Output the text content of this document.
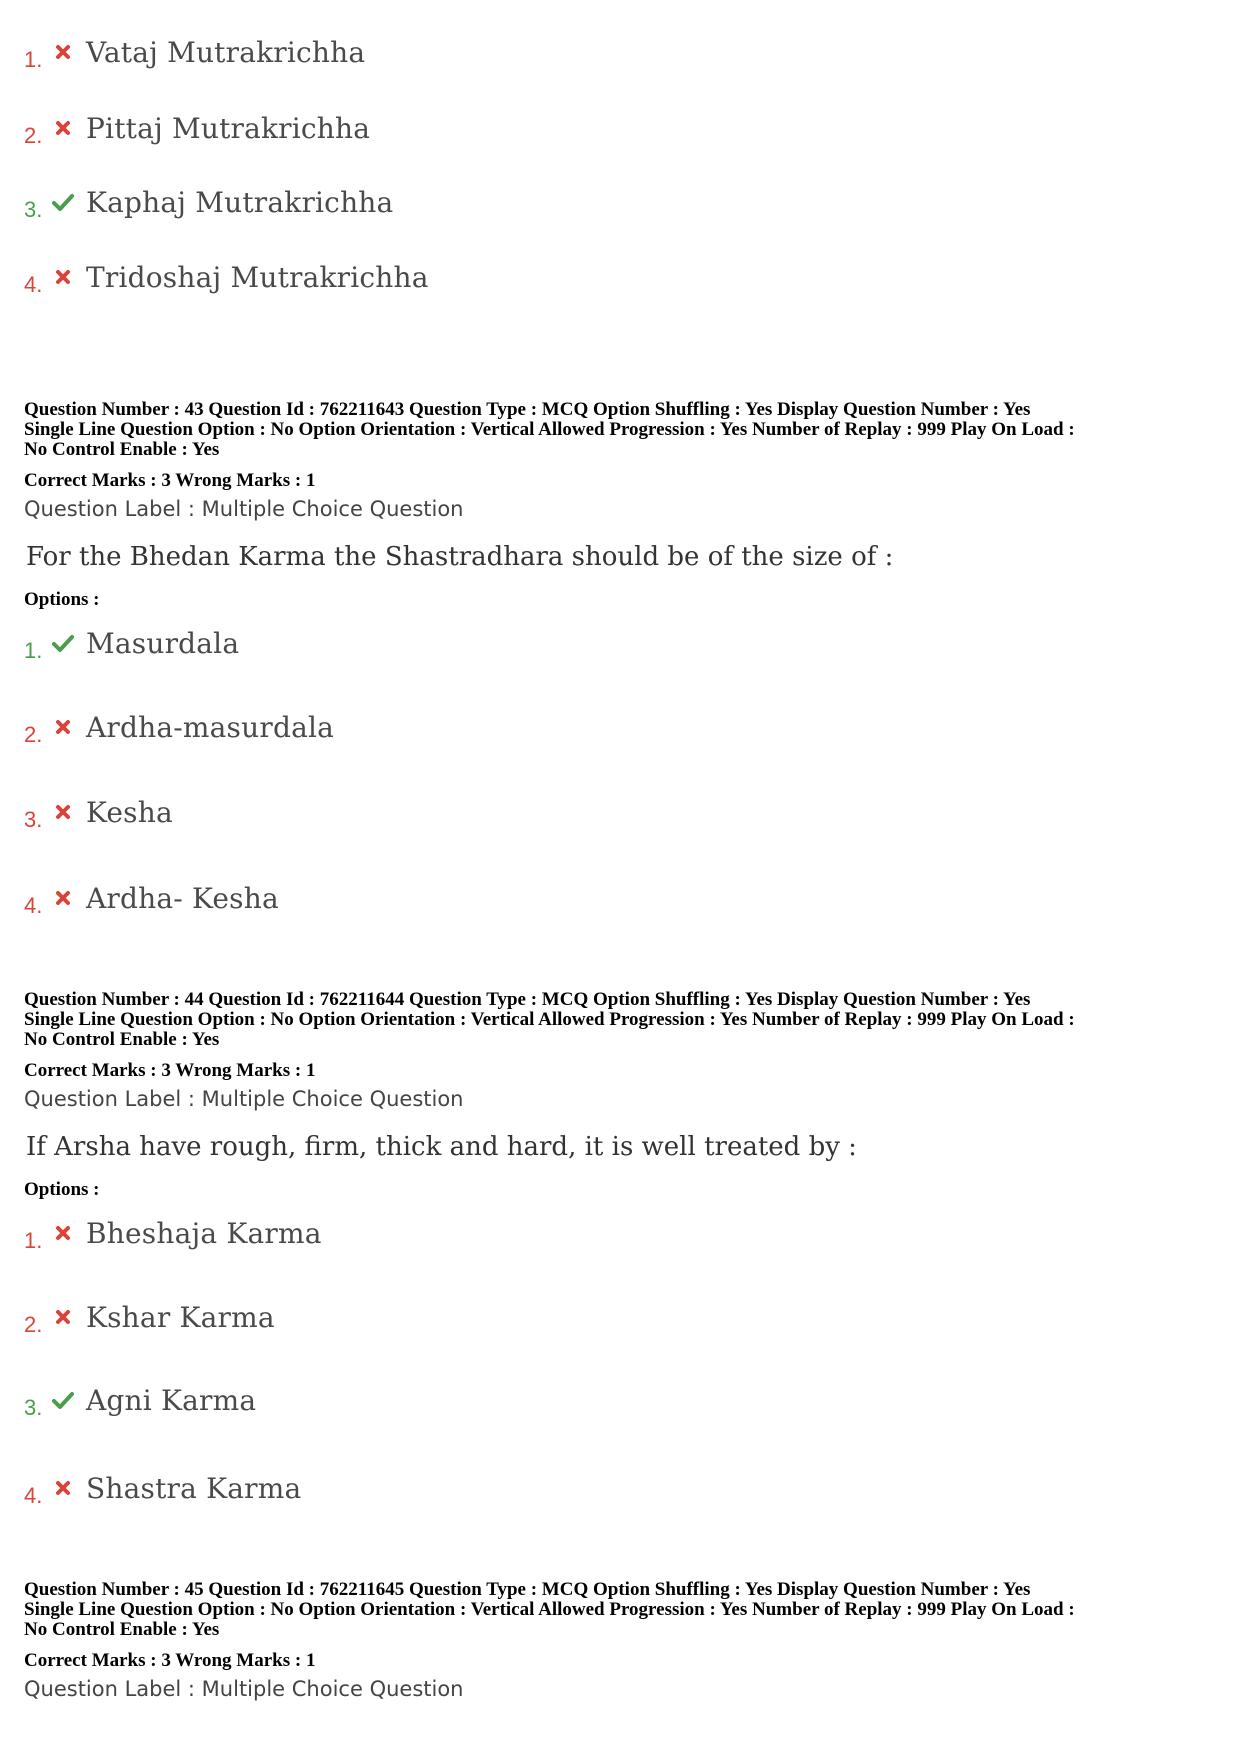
1. Vataj Mutrakrichha
2. Pittaj Mutrakrichha
3. Kaphaj Mutrakrichha
4. Tridoshaj Mutrakrichha
Question Number : 43 Question Id : 762211643 Question Type : MCQ Option Shuffling : Yes Display Question Number : Yes
Single Line Question Option : No Option Orientation : Vertical Allowed Progression : Yes Number of Replay : 999 Play On Load :
No Control Enable : Yes
Correct Marks : 3 Wrong Marks : 1
Question Label : Multiple Choice Question
For the Bhedan Karma the Shastradhara should be of the size of :
Options :
1. Masurdala
2. Ardha-masurdala
3. Kesha
4. Ardha- Kesha
Question Number : 44 Question Id : 762211644 Question Type : MCQ Option Shuffling : Yes Display Question Number : Yes
Single Line Question Option : No Option Orientation : Vertical Allowed Progression : Yes Number of Replay : 999 Play On Load :
No Control Enable : Yes
Correct Marks : 3 Wrong Marks : 1
Question Label : Multiple Choice Question
If Arsha have rough, firm, thick and hard, it is well treated by :
Options :
1. Bheshaja Karma
2. Kshar Karma
3. Agni Karma
4. Shastra Karma
Question Number : 45 Question Id : 762211645 Question Type : MCQ Option Shuffling : Yes Display Question Number : Yes
Single Line Question Option : No Option Orientation : Vertical Allowed Progression : Yes Number of Replay : 999 Play On Load :
No Control Enable : Yes
Correct Marks : 3 Wrong Marks : 1
Question Label : Multiple Choice Question
